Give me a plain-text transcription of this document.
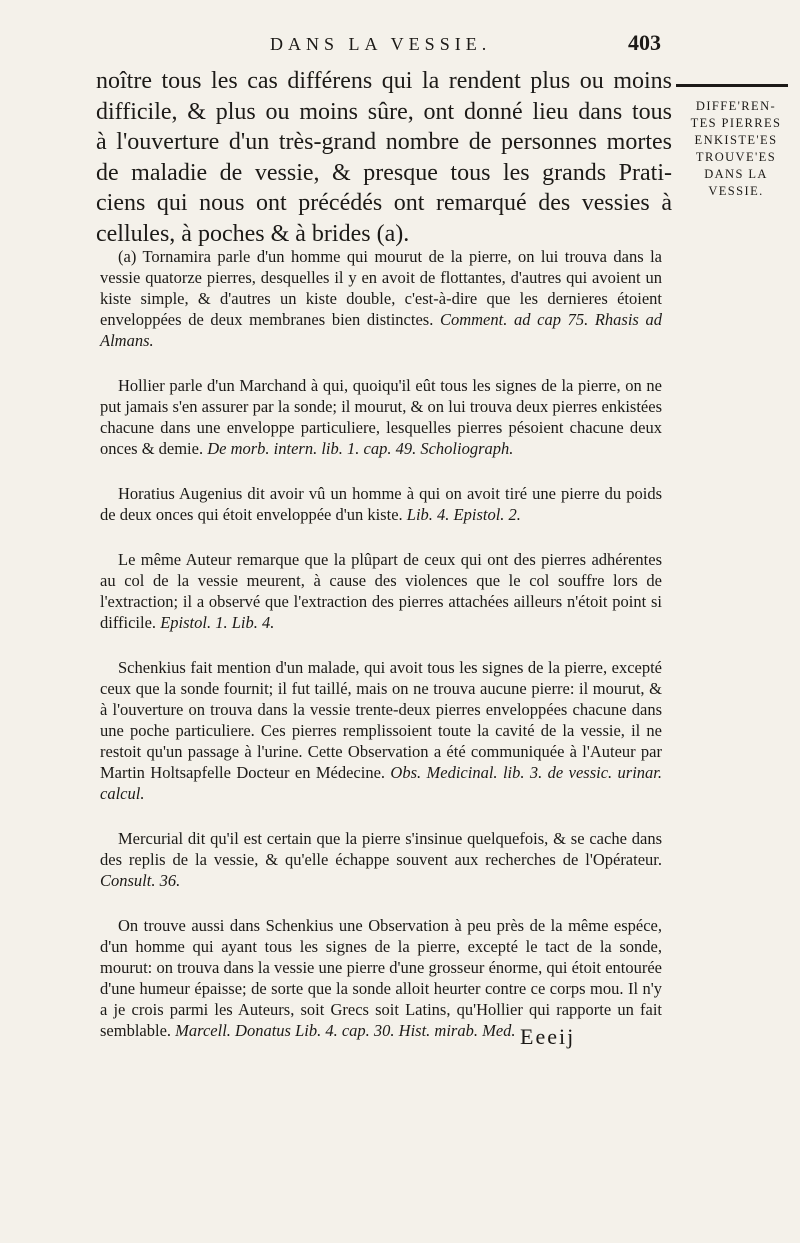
DANS LA VESSIE.	403
noître tous les cas différens qui la rendent plus ou moins
difficile, & plus ou moins sûre, ont donné lieu dans tous
à l'ouverture d'un très-grand nombre de personnes mortes
de maladie de vessie, & presque tous les grands Prati-
ciens qui nous ont précédés ont remarqué des vessies à
cellules, à poches & à brides (a).
DIFFE'REN-
TES PIERRES
ENKISTE'ES
TROUVE'ES
DANS LA
VESSIE.

(a) Tornamira parle d'un homme qui mourut de la pierre, on lui trouva dans la vessie quatorze pierres, desquelles il y en avoit de flottantes, d'autres qui avoient un kiste simple, & d'autres un kiste double, c'est-à-dire que les dernieres étoient enveloppées de deux membranes bien distinctes. Comment. ad cap 75. Rhasis ad Almans.

Hollier parle d'un Marchand à qui, quoiqu'il eût tous les signes de la pierre, on ne put jamais s'en assurer par la sonde; il mourut, & on lui trouva deux pierres enkistées chacune dans une enveloppe particuliere, lesquelles pierres pésoient chacune deux onces & demie. De morb. intern. lib. 1. cap. 49. Scholiograph.

Horatius Augenius dit avoir vû un homme à qui on avoit tiré une pierre du poids de deux onces qui étoit enveloppée d'un kiste. Lib. 4. Epistol. 2.

Le même Auteur remarque que la plûpart de ceux qui ont des pierres adhérentes au col de la vessie meurent, à cause des violences que le col souffre lors de l'extraction; il a observé que l'extraction des pierres attachées ailleurs n'étoit point si difficile. Epistol. 1. Lib. 4.

Schenkius fait mention d'un malade, qui avoit tous les signes de la pierre, excepté ceux que la sonde fournit; il fut taillé, mais on ne trouva aucune pierre: il mourut, & à l'ouverture on trouva dans la vessie trente-deux pierres enveloppées chacune dans une poche particuliere. Ces pierres remplissoient toute la cavité de la vessie, il ne restoit qu'un passage à l'urine. Cette Observation a été communiquée à l'Auteur par Martin Holtsapfelle Docteur en Médecine. Obs. Medicinal. lib. 3. de vessic. urinar. calcul.

Mercurial dit qu'il est certain que la pierre s'insinue quelquefois, & se cache dans des replis de la vessie, & qu'elle échappe souvent aux recherches de l'Opérateur. Consult. 36.

On trouve aussi dans Schenkius une Observation à peu près de la même espéce, d'un homme qui ayant tous les signes de la pierre, excepté le tact de la sonde, mourut: on trouva dans la vessie une pierre d'une grosseur énorme, qui étoit entourée d'une humeur épaisse; de sorte que la sonde alloit heurter contre ce corps mou. Il n'y a je crois parmi les Auteurs, soit Grecs soit Latins, qu'Hollier qui rapporte un fait semblable. Marcell. Donatus Lib. 4. cap. 30. Hist. mirab. Med. Eeeij
